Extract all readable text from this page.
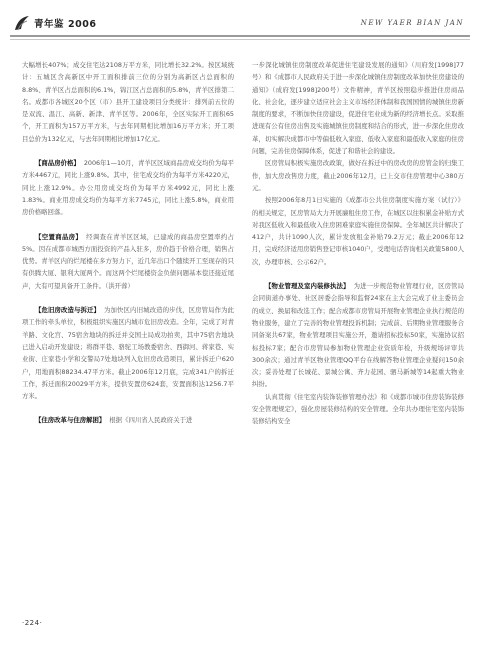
青年鉴 2006	NEW YAER BIAN JAN

大幅增长407%；成交住宅达2108万平方米，同比增长32.2%。按区域统计：五城区含高新区中开工面积排前三位的分别为高新区占总面积的8.8%、青羊区占总面积的6.1%，锦江区占总面积的5.8%，青羊区排第二名。成都市各城区20个区（市）县开工建设项目分类统计：排列前五位的是双流、温江、高新、新津、青羊区等。2006年，全区实际开工面积65个，开工面积为157万平方米，与去年同期相比增加16万平方米；开工项目总价为132亿元，与去年同期相比增加17亿元。

【商品房价格】 2006年1—10月，青羊区区域商品房成交均价为每平方米4467元，同比上涨9.8%。其中，住宅成交均价为每平方米4220元，同比上涨12.9%。办公用房成交均价为每平方米4992元，同比上涨1.83%。商业用房成交均价为每平方米7745元，同比上涨5.8%，商业用房价格略回落。

【空置商品房】 经调查在青羊区区域，已建成的商品房空置率约占5%。因在成都市城西方面投资的产品入驻多，房价趋于价格合理，销售占优势。青羊区内的烂尾楼在多方努力下，近几年出口个随续开工至现存的只有供腾大厦、银利大厦两个。而这两个烂尾楼资金负债问题基本偿还接近尾声，大有可望具备开工条件。（洪开蓉）

【危旧房改造与拆迁】 为加快区内旧城改造的步伐，区房管局作为此项工作的牵头单位，积极组织实施区内城市危旧房改造。全年，完成了对青羊路、文化宫、75宿舍地块的拆迁并交国土局成功拍卖，其中75宿舍地块已进入启动开发建设；将群平巷、骆驼工场教委宿舍、西御河、蒋家巷、实业街、庄家巷小学和交警局7处地块列入危旧房改造项目，累计拆迁户620户，用地面积88234.47平方米。截止2006年12月底，完成341户的拆迁工作，拆迁面积20029平方米，提供安置房624套，安置面积达1256.7平方米。

【住房改革与住房解困】 根据《四川省人民政府关于进

一步深化城镇住房制度改革促进住宅建设发展的通知》（川府发[1998]77号）和《成都市人民政府关于进一步深化城镇住房制度改革加快住房建设的通知》（成府发[1998]200号）文件精神，青羊区按照稳步推进住房商品化、社会化，逐步建立适应社会主义市场经济体制和我国国情的城镇住房新制度的要求，不断加快住房建设，促进住宅业成为新的经济增长点。采取推进现有公有住房出售及实施城镇住房制度和结合的形式，进一步深化住房改革，切实解决成都市中等偏低收入家庭、低收入家庭和最低收入家庭的住房问题，完善住房保障体系，促进了和谐社会的建设。

区房管局积极实施房改政策，做好在拆迁中的房改房的房管金的归集工作，加大房改售房力度，截止2006年12月，已上交市住房管理中心380万元。

按照2006年8月1日实施的《成都市公共住房制度实施方案（试行）》的相关规定，区房管局大力开展廉租住房工作，在城区以往积累金补贴方式对我区低收入和最低收入住房困难家庭实施住房保障。全年城区共计解决了412户，共计1090人次，累计发放租金补贴79.2万元；截止2006年12月，完成经济适用房销售登记审核1040户，受理电话咨询相关政策5800人次，办理审核、公示62户。

【物业管理及室内装修执法】 为进一步规范物业管理行业，区房管局会同街道办事处、社区居委会指导和监督24家在主大会完成了业主委员会的成立、换届和改选工作；配合成都市房管局开展物业管理企业执行规范的物业服务，建立了完善的物业管理投诉机制；完成前、后期物业管理服务合同备案共67家，物业管理项目实施公开，邀请招标投标50家，实施协议招标投标7家；配合市房管局参加物业管理企业资质年检，升级规场评审共300余次；通过青羊区物业管理QQ平台在线解答物业管理企业疑问150余次；妥善处理了长城花、景城公寓、齐力花园、驷马新城等14起重大物业纠纷。

认真贯彻《住宅室内装饰装修管理办法》和《成都市城市住房装饰装修安全管理规定》，强化房屋装修结构的安全管理。全年共办理住宅室内装饰装修结构安全

·224·
